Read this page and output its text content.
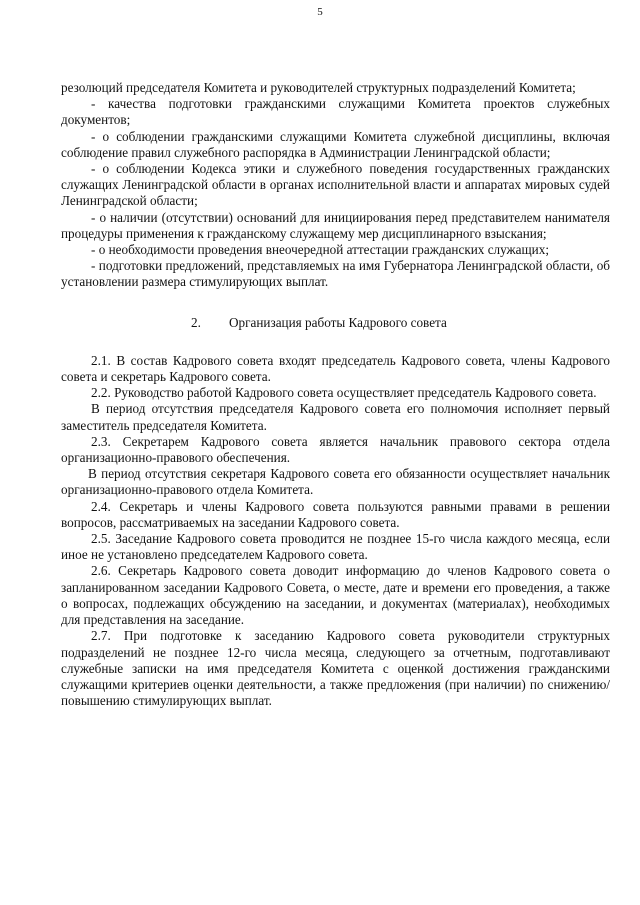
5

резолюций председателя Комитета и руководителей структурных подразделений Комитета;

- качества подготовки гражданскими служащими Комитета проектов служебных документов;

- о соблюдении гражданскими служащими Комитета служебной дисциплины, включая соблюдение правил служебного распорядка в Администрации Ленинградской области;

- о соблюдении Кодекса этики и служебного поведения государственных гражданских служащих Ленинградской области в органах исполнительной власти и аппаратах мировых судей Ленинградской области;

- о наличии (отсутствии) оснований для инициирования перед представителем нанимателя процедуры применения к гражданскому служащему мер дисциплинарного взыскания;

- о необходимости проведения внеочередной аттестации гражданских служащих;

- подготовки предложений, представляемых на имя Губернатора Ленинградской области, об установлении размера стимулирующих выплат.

2. Организация работы Кадрового совета

2.1. В состав Кадрового совета входят председатель Кадрового совета, члены Кадрового совета и секретарь Кадрового совета.

2.2. Руководство работой Кадрового совета осуществляет председатель Кадрового совета.

В период отсутствия председателя Кадрового совета его полномочия исполняет первый заместитель председателя Комитета.

2.3. Секретарем Кадрового совета является начальник правового сектора отдела организационно-правового обеспечения.

В период отсутствия секретаря Кадрового совета его обязанности осуществляет начальник организационно-правового отдела Комитета.

2.4. Секретарь и члены Кадрового совета пользуются равными правами в решении вопросов, рассматриваемых на заседании Кадрового совета.

2.5. Заседание Кадрового совета проводится не позднее 15-го числа каждого месяца, если иное не установлено председателем Кадрового совета.

2.6. Секретарь Кадрового совета доводит информацию до членов Кадрового совета о запланированном заседании Кадрового Совета, о месте, дате и времени его проведения, а также о вопросах, подлежащих обсуждению на заседании, и документах (материалах), необходимых для представления на заседание.

2.7. При подготовке к заседанию Кадрового совета руководители структурных подразделений не позднее 12-го числа месяца, следующего за отчетным, подготавливают служебные записки на имя председателя Комитета с оценкой достижения гражданскими служащими критериев оценки деятельности, а также предложения (при наличии) по снижению/повышению стимулирующих выплат.
